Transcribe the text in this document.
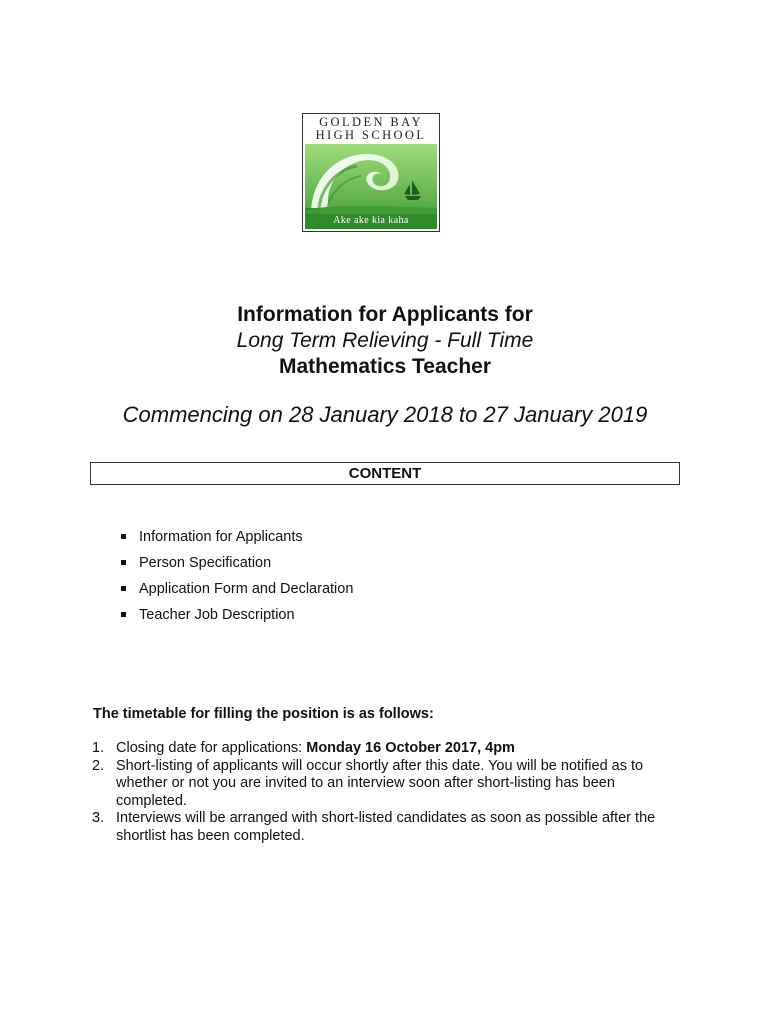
GOLDEN BAY
HIGH SCHOOL
Ake ake kia kaha

Information for Applicants for

Long Term Relieving - Full Time

Mathematics Teacher

Commencing on 28 January 2018 to 27 January 2019
CONTENT
Information for Applicants
Person Specification
Application Form and Declaration
Teacher Job Description
The timetable for filling the position is as follows:
1. Closing date for applications: Monday 16 October 2017, 4pm
2. Short-listing of applicants will occur shortly after this date. You will be notified as to whether or not you are invited to an interview soon after short-listing has been completed.
3. Interviews will be arranged with short-listed candidates as soon as possible after the shortlist has been completed.
